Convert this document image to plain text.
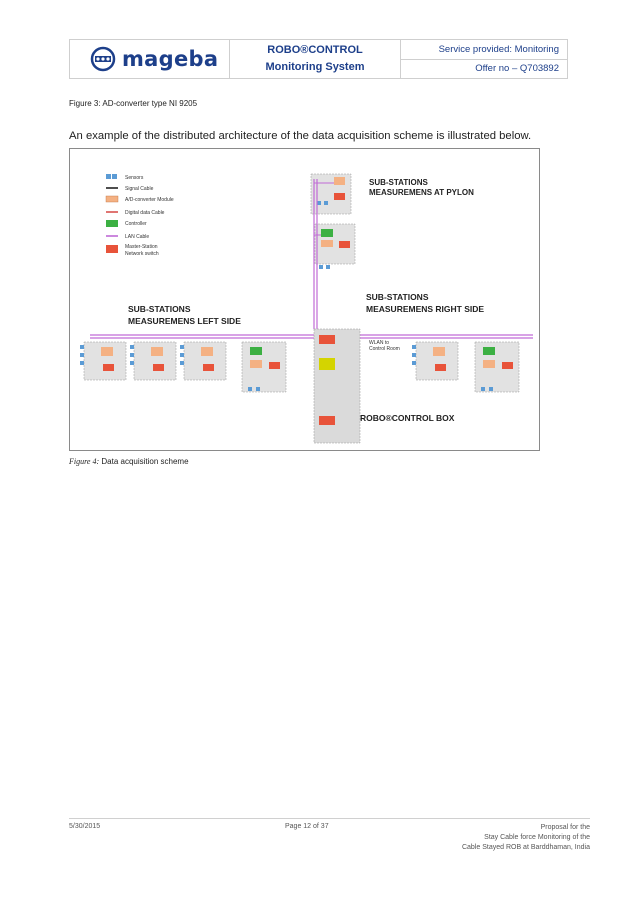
mageba	ROBO®CONTROL
Monitoring System
Service provided: Monitoring
Offer no – Q703892
Figure 3: AD-converter type NI 9205
An example of the distributed architecture of the data acquisition scheme is illustrated below.
Sensors
Signal Cable
A/D-converter Module
Digital data Cable
Controller
LAN Cable
Master-Station
Network switch
SUB-STATIONS
MEASUREMENS AT PYLON
SUB-STATIONS
MEASUREMENS LEFT SIDE
SUB-STATIONS
MEASUREMENS RIGHT SIDE
ROBO®CONTROL BOX
WLAN to
Control Room
Figure 4: Data acquisition scheme
5/30/2015	Page 12 of 37	Proposal for the
Stay Cable force Monitoring of the
Cable Stayed ROB at Barddhaman, India
